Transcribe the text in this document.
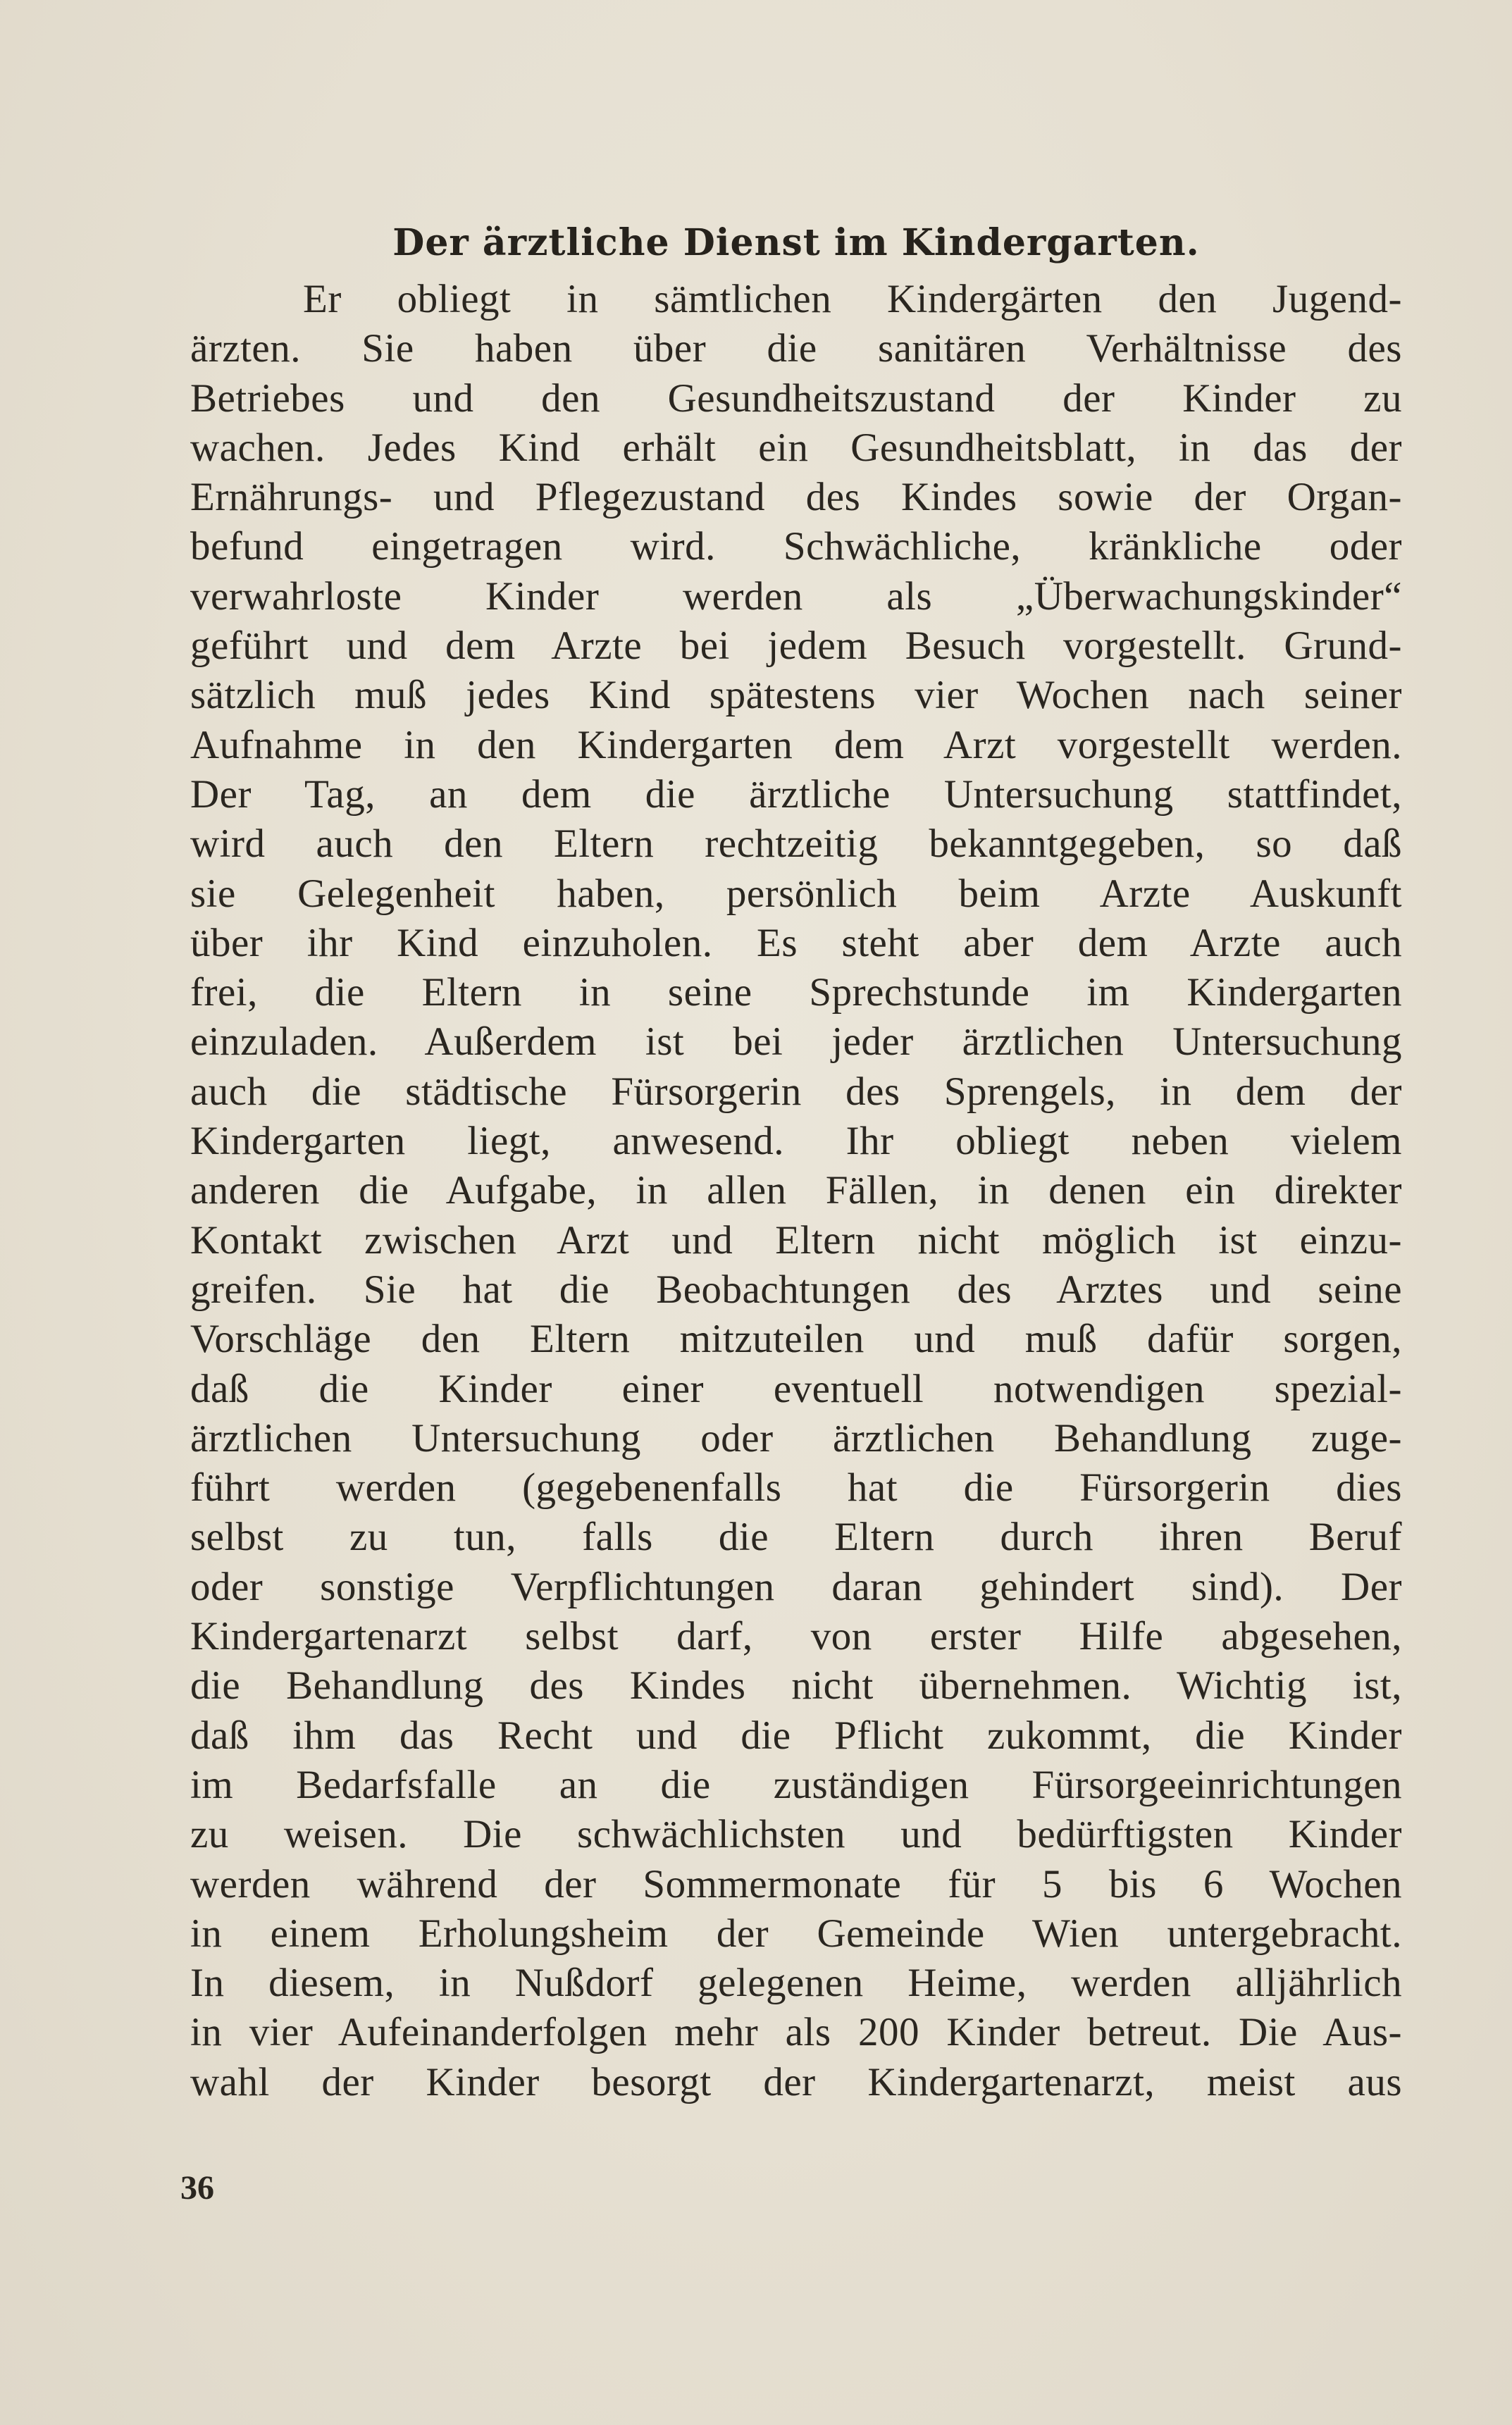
Der ärztliche Dienst im Kindergarten.
Er obliegt in sämtlichen Kindergärten den Jugend-
ärzten. Sie haben über die sanitären Verhältnisse des
Betriebes und den Gesundheitszustand der Kinder zu
wachen. Jedes Kind erhält ein Gesundheitsblatt, in das der
Ernährungs- und Pflegezustand des Kindes sowie der Organ-
befund eingetragen wird. Schwächliche, kränkliche oder
verwahrloste Kinder werden als „Überwachungskinder“
geführt und dem Arzte bei jedem Besuch vorgestellt. Grund-
sätzlich muß jedes Kind spätestens vier Wochen nach seiner
Aufnahme in den Kindergarten dem Arzt vorgestellt werden.
Der Tag, an dem die ärztliche Untersuchung stattfindet,
wird auch den Eltern rechtzeitig bekanntgegeben, so daß
sie Gelegenheit haben, persönlich beim Arzte Auskunft
über ihr Kind einzuholen. Es steht aber dem Arzte auch
frei, die Eltern in seine Sprechstunde im Kindergarten
einzuladen. Außerdem ist bei jeder ärztlichen Untersuchung
auch die städtische Fürsorgerin des Sprengels, in dem der
Kindergarten liegt, anwesend. Ihr obliegt neben vielem
anderen die Aufgabe, in allen Fällen, in denen ein direkter
Kontakt zwischen Arzt und Eltern nicht möglich ist einzu-
greifen. Sie hat die Beobachtungen des Arztes und seine
Vorschläge den Eltern mitzuteilen und muß dafür sorgen,
daß die Kinder einer eventuell notwendigen spezial-
ärztlichen Untersuchung oder ärztlichen Behandlung zuge-
führt werden (gegebenenfalls hat die Fürsorgerin dies
selbst zu tun, falls die Eltern durch ihren Beruf
oder sonstige Verpflichtungen daran gehindert sind). Der
Kindergartenarzt selbst darf, von erster Hilfe abgesehen,
die Behandlung des Kindes nicht übernehmen. Wichtig ist,
daß ihm das Recht und die Pflicht zukommt, die Kinder
im Bedarfsfalle an die zuständigen Fürsorgeeinrichtungen
zu weisen. Die schwächlichsten und bedürftigsten Kinder
werden während der Sommermonate für 5 bis 6 Wochen
in einem Erholungsheim der Gemeinde Wien untergebracht.
In diesem, in Nußdorf gelegenen Heime, werden alljährlich
in vier Aufeinanderfolgen mehr als 200 Kinder betreut. Die Aus-
wahl der Kinder besorgt der Kindergartenarzt, meist aus
36
